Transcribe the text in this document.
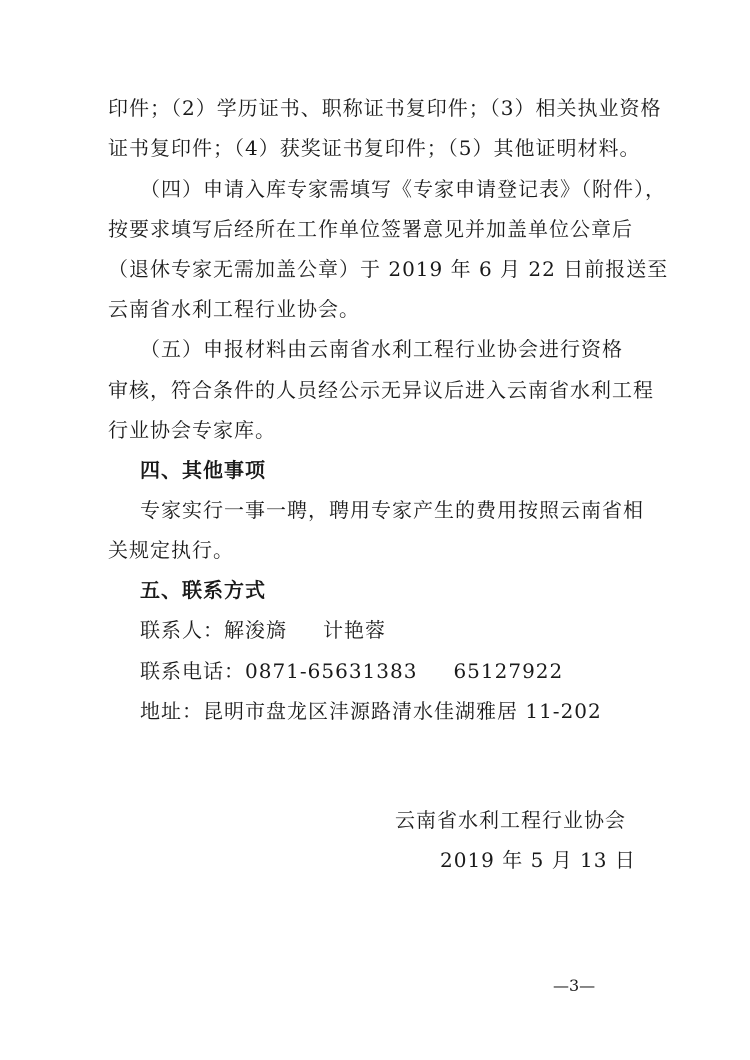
印件；（2）学历证书、职称证书复印件；（3）相关执业资格
证书复印件；（4）获奖证书复印件；（5）其他证明材料。
（四）申请入库专家需填写《专家申请登记表》（附件），
按要求填写后经所在工作单位签署意见并加盖单位公章后
（退休专家无需加盖公章）于 2019 年 6 月 22 日前报送至
云南省水利工程行业协会。
（五）申报材料由云南省水利工程行业协会进行资格
审核，符合条件的人员经公示无异议后进入云南省水利工程
行业协会专家库。
四、其他事项
专家实行一事一聘，聘用专家产生的费用按照云南省相
关规定执行。
五、联系方式
联系人：解浚旖 计艳蓉
联系电话：0871-65631383 65127922
地址：昆明市盘龙区沣源路清水佳湖雅居 11-202
云南省水利工程行业协会
2019 年 5 月 13 日
—3—
